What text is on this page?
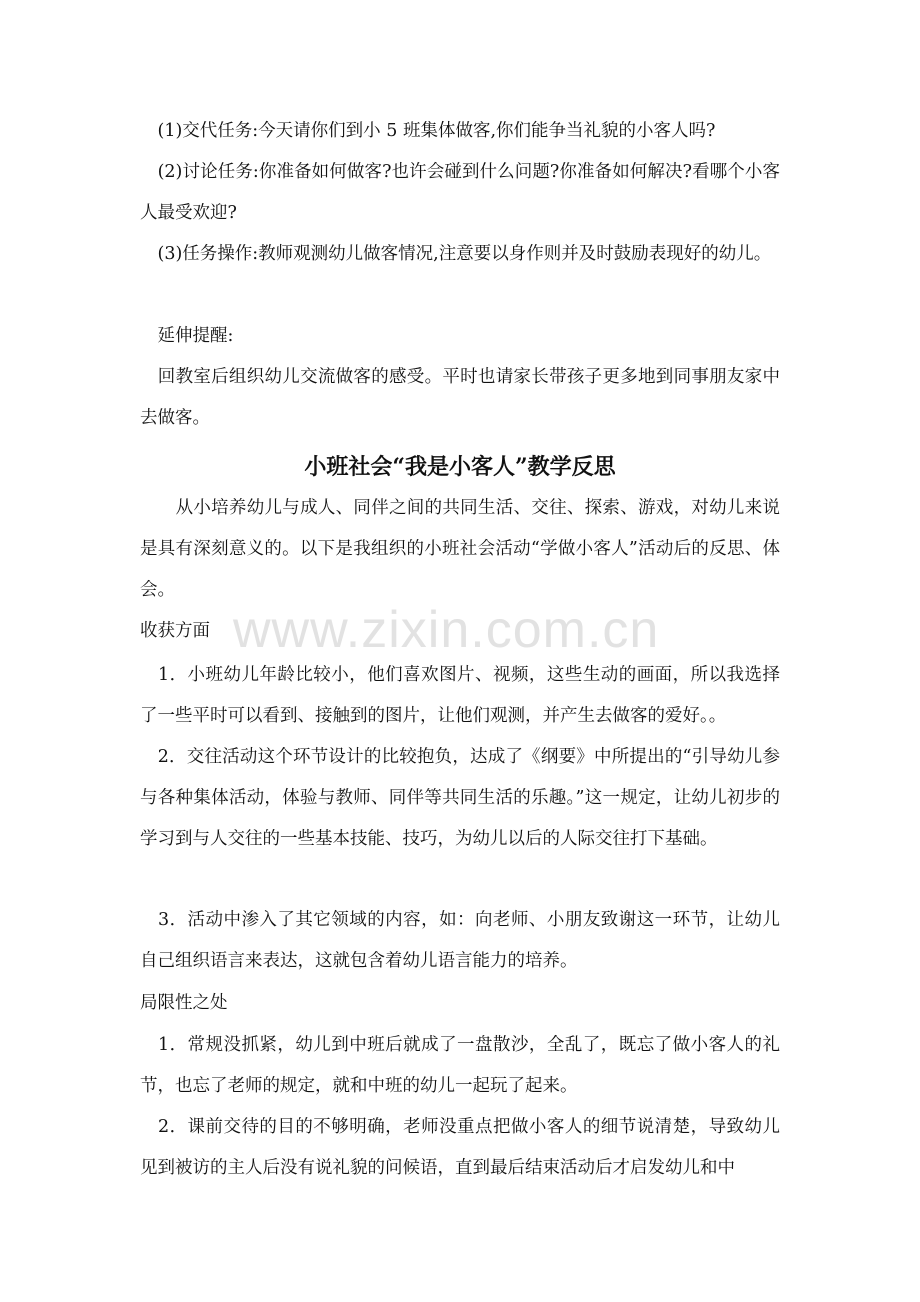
www.zixin.com.cn

　(1)交代任务:今天请你们到小 5 班集体做客,你们能争当礼貌的小客人吗?

　(2)讨论任务:你准备如何做客?也许会碰到什么问题?你准备如何解决?看哪个小客人最受欢迎?

　(3)任务操作:教师观测幼儿做客情况,注意要以身作则并及时鼓励表现好的幼儿。

　延伸提醒:

　回教室后组织幼儿交流做客的感受。平时也请家长带孩子更多地到同事朋友家中去做客。

小班社会“我是小客人”教学反思

　　从小培养幼儿与成人、同伴之间的共同生活、交往、探索、游戏，对幼儿来说是具有深刻意义的。以下是我组织的小班社会活动“学做小客人”活动后的反思、体会。

收获方面

　1．小班幼儿年龄比较小，他们喜欢图片、视频，这些生动的画面，所以我选择了一些平时可以看到、接触到的图片，让他们观测，并产生去做客的爱好。。

　2．交往活动这个环节设计的比较抱负，达成了《纲要》中所提出的“引导幼儿参与各种集体活动，体验与教师、同伴等共同生活的乐趣。”这一规定，让幼儿初步的学习到与人交往的一些基本技能、技巧，为幼儿以后的人际交往打下基础。

　3．活动中渗入了其它领域的内容，如：向老师、小朋友致谢这一环节，让幼儿自己组织语言来表达，这就包含着幼儿语言能力的培养。

局限性之处

　1．常规没抓紧，幼儿到中班后就成了一盘散沙，全乱了，既忘了做小客人的礼节，也忘了老师的规定，就和中班的幼儿一起玩了起来。

　2．课前交待的目的不够明确，老师没重点把做小客人的细节说清楚，导致幼儿见到被访的主人后没有说礼貌的问候语，直到最后结束活动后才启发幼儿和中
